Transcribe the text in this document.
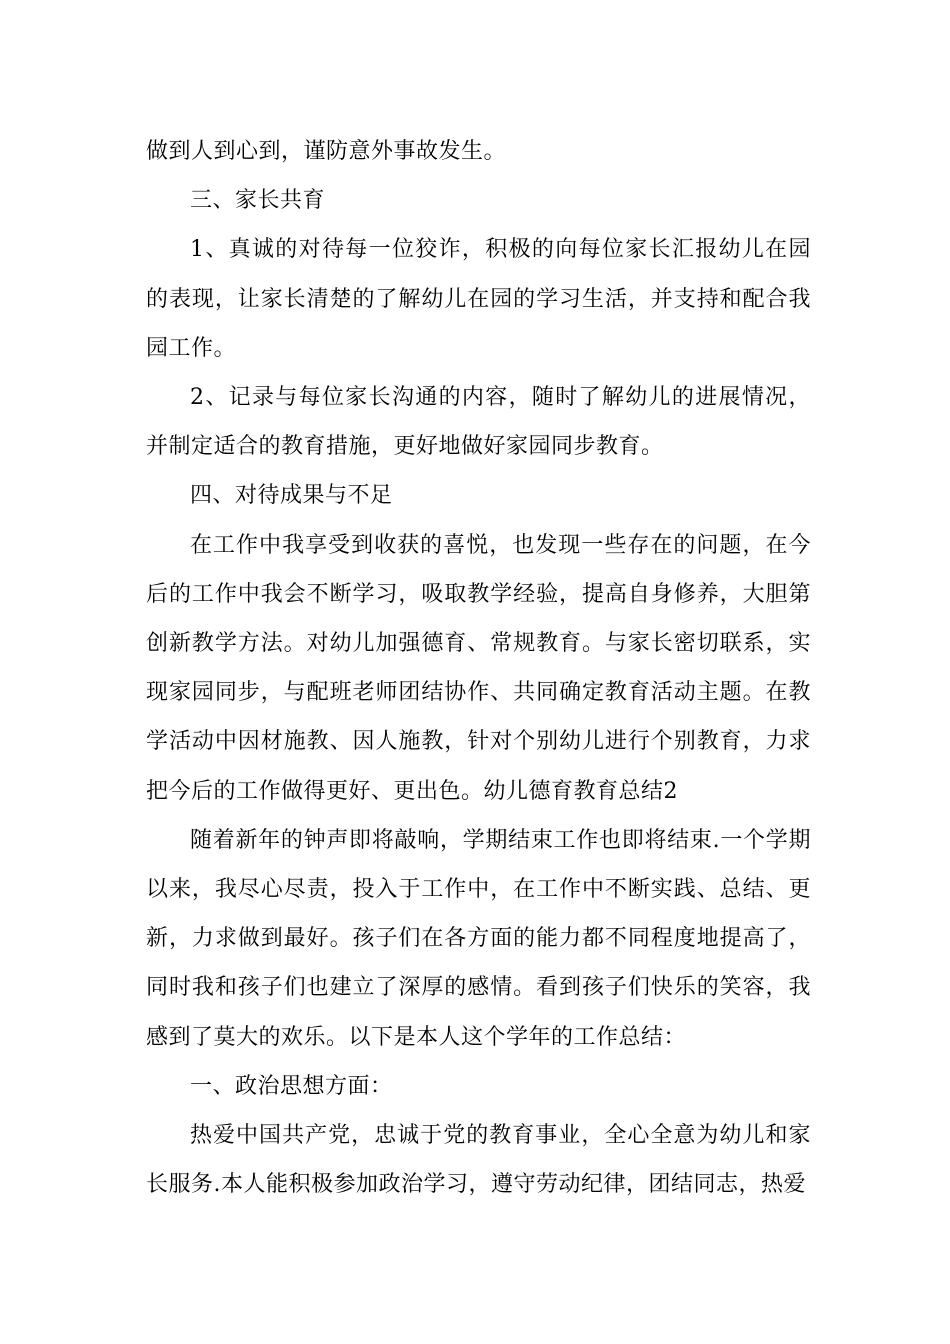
做到人到心到，谨防意外事故发生。

三、家长共育

1、真诚的对待每一位狡诈，积极的向每位家长汇报幼儿在园的表现，让家长清楚的了解幼儿在园的学习生活，并支持和配合我园工作。

2、记录与每位家长沟通的内容，随时了解幼儿的进展情况，并制定适合的教育措施，更好地做好家园同步教育。

四、对待成果与不足

在工作中我享受到收获的喜悦，也发现一些存在的问题，在今后的工作中我会不断学习，吸取教学经验，提高自身修养，大胆第创新教学方法。对幼儿加强德育、常规教育。与家长密切联系，实现家园同步，与配班老师团结协作、共同确定教育活动主题。在教学活动中因材施教、因人施教，针对个别幼儿进行个别教育，力求把今后的工作做得更好、更出色。幼儿德育教育总结2

随着新年的钟声即将敲响，学期结束工作也即将结束.一个学期以来，我尽心尽责，投入于工作中，在工作中不断实践、总结、更新，力求做到最好。孩子们在各方面的能力都不同程度地提高了，同时我和孩子们也建立了深厚的感情。看到孩子们快乐的笑容，我感到了莫大的欢乐。以下是本人这个学年的工作总结：

一、政治思想方面：

热爱中国共产党，忠诚于党的教育事业，全心全意为幼儿和家长服务.本人能积极参加政治学习，遵守劳动纪律，团结同志，热爱
